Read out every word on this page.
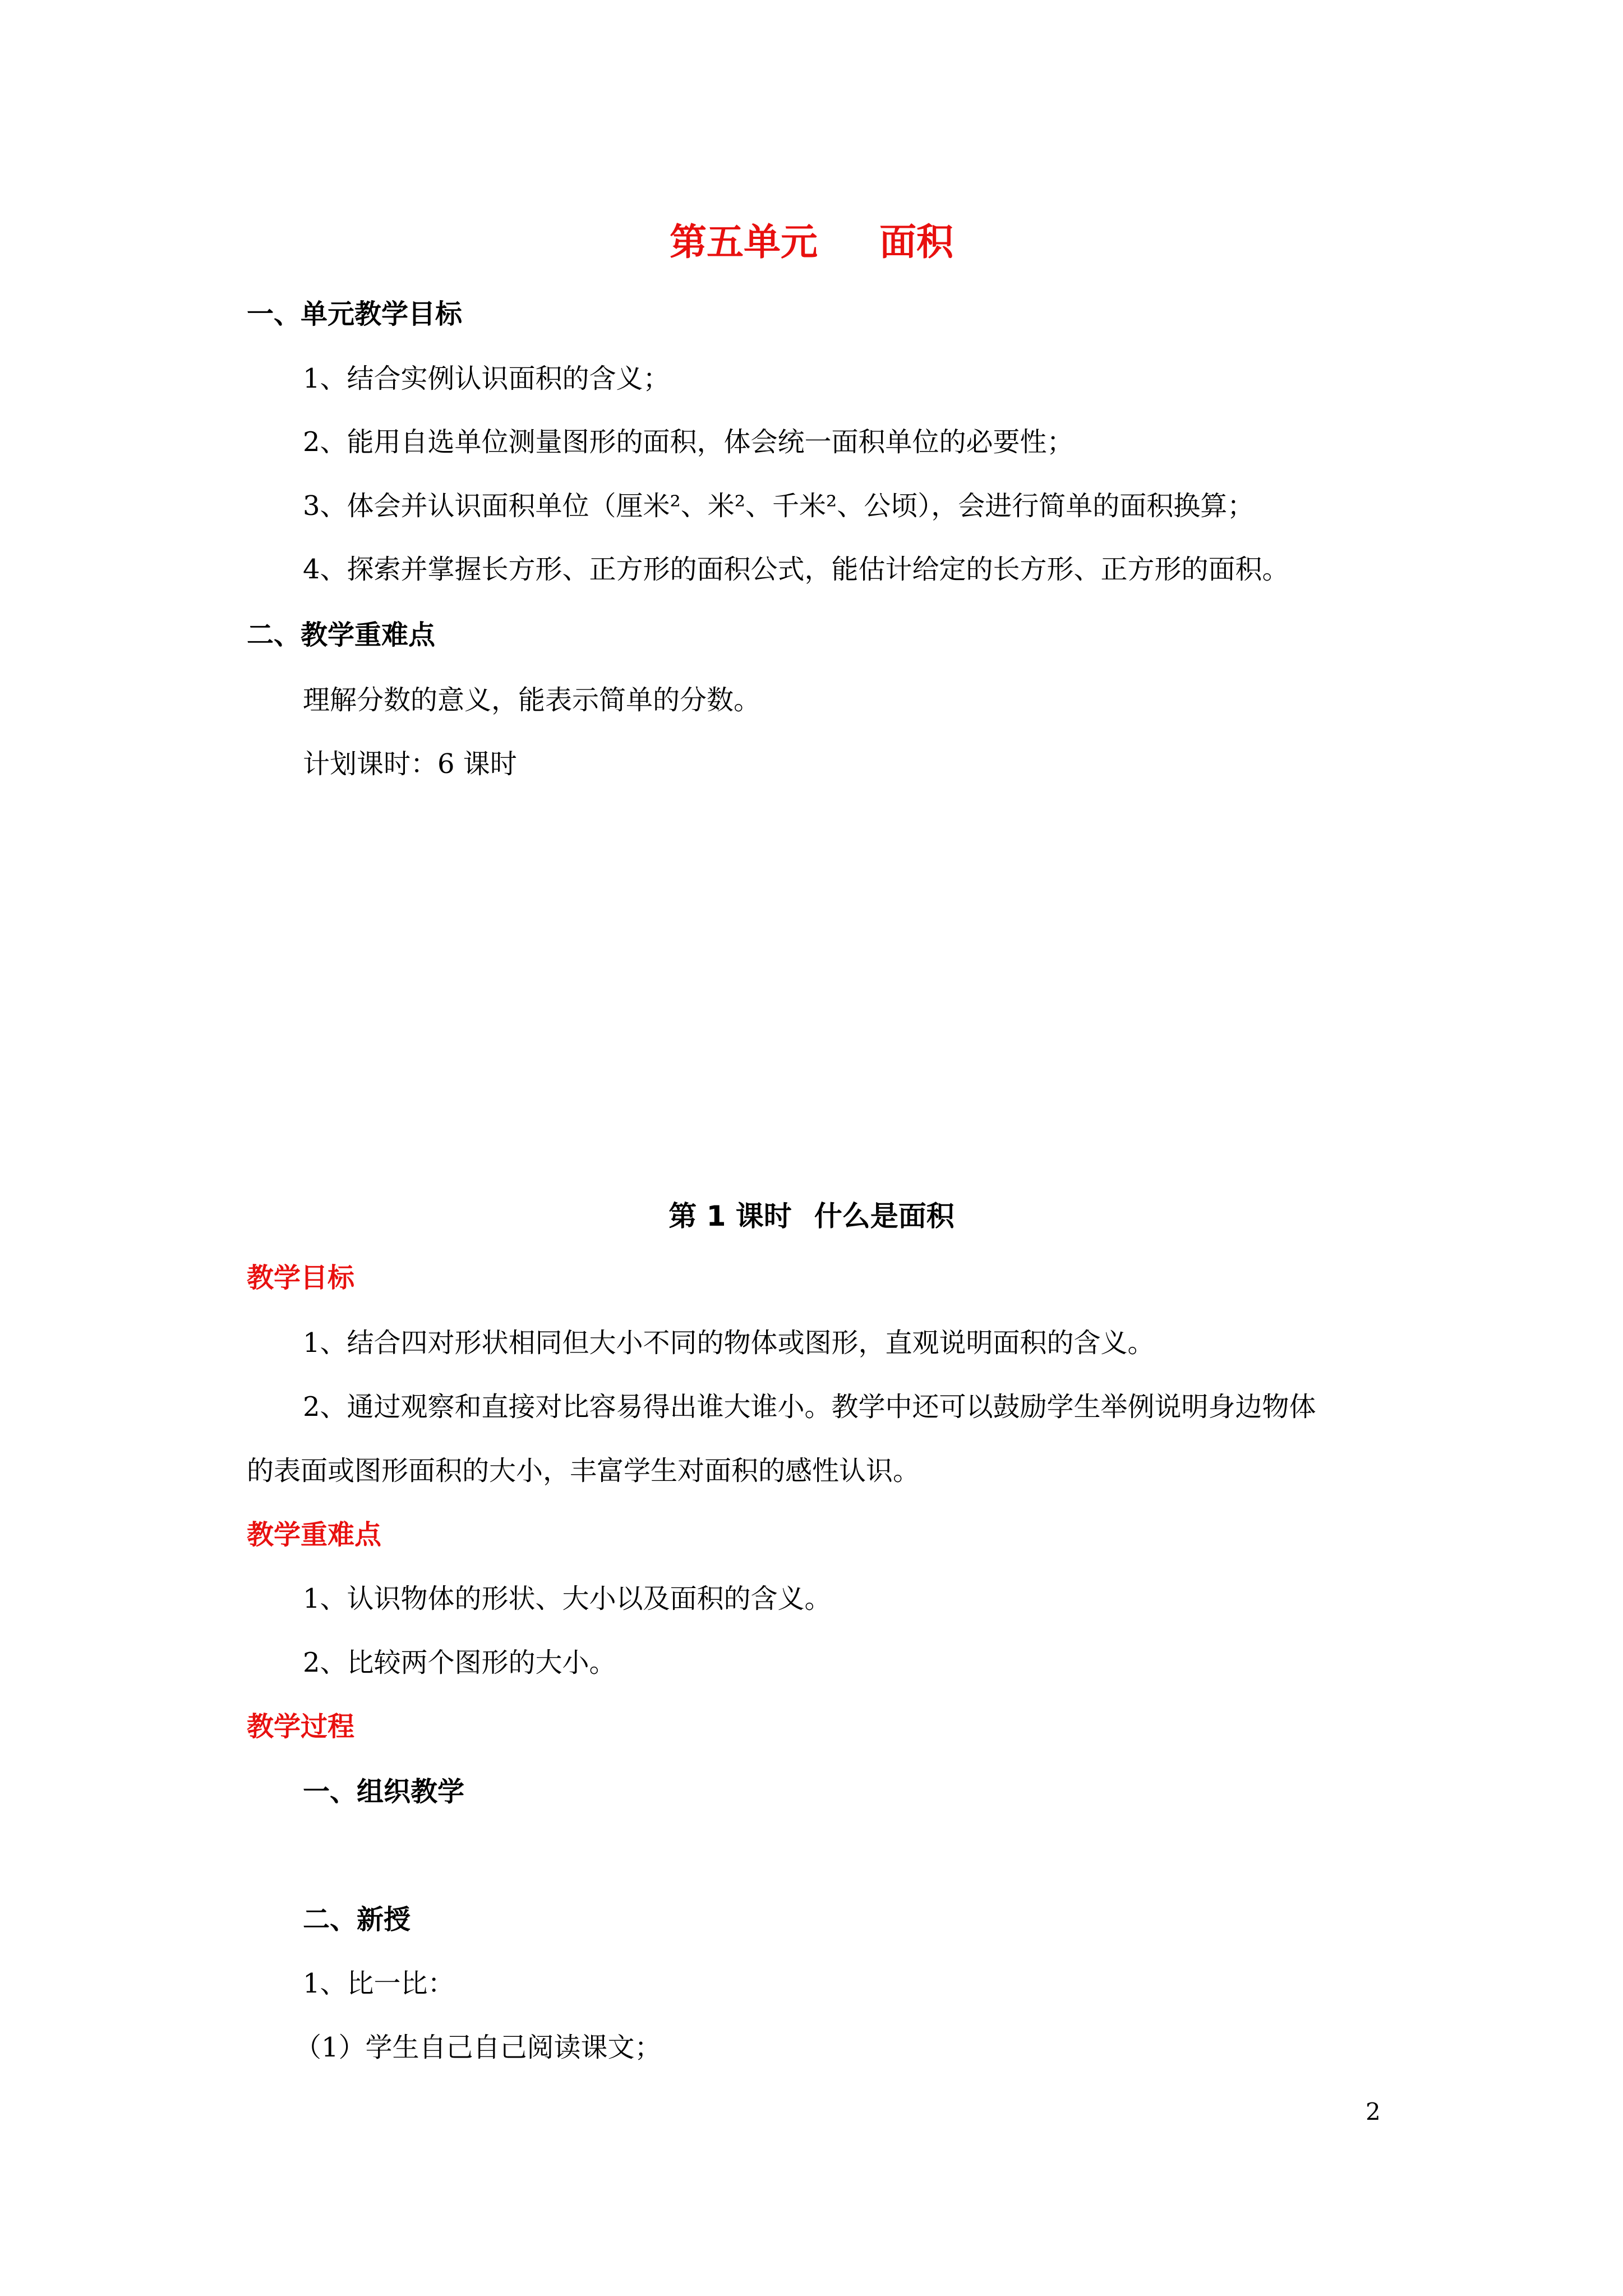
第五单元 面积
一、单元教学目标
1、结合实例认识面积的含义；
2、能用自选单位测量图形的面积，体会统一面积单位的必要性；
3、体会并认识面积单位（厘米²、米²、千米²、公顷），会进行简单的面积换算；
4、探索并掌握长方形、正方形的面积公式，能估计给定的长方形、正方形的面积。
二、教学重难点
理解分数的意义，能表示简单的分数。
计划课时：6 课时
第 1 课时 什么是面积
教学目标
1、结合四对形状相同但大小不同的物体或图形，直观说明面积的含义。
2、通过观察和直接对比容易得出谁大谁小。教学中还可以鼓励学生举例说明身边物体
的表面或图形面积的大小，丰富学生对面积的感性认识。
教学重难点
1、认识物体的形状、大小以及面积的含义。
2、比较两个图形的大小。
教学过程
一、组织教学
二、新授
1、比一比：
（1）学生自己自己阅读课文；
2
